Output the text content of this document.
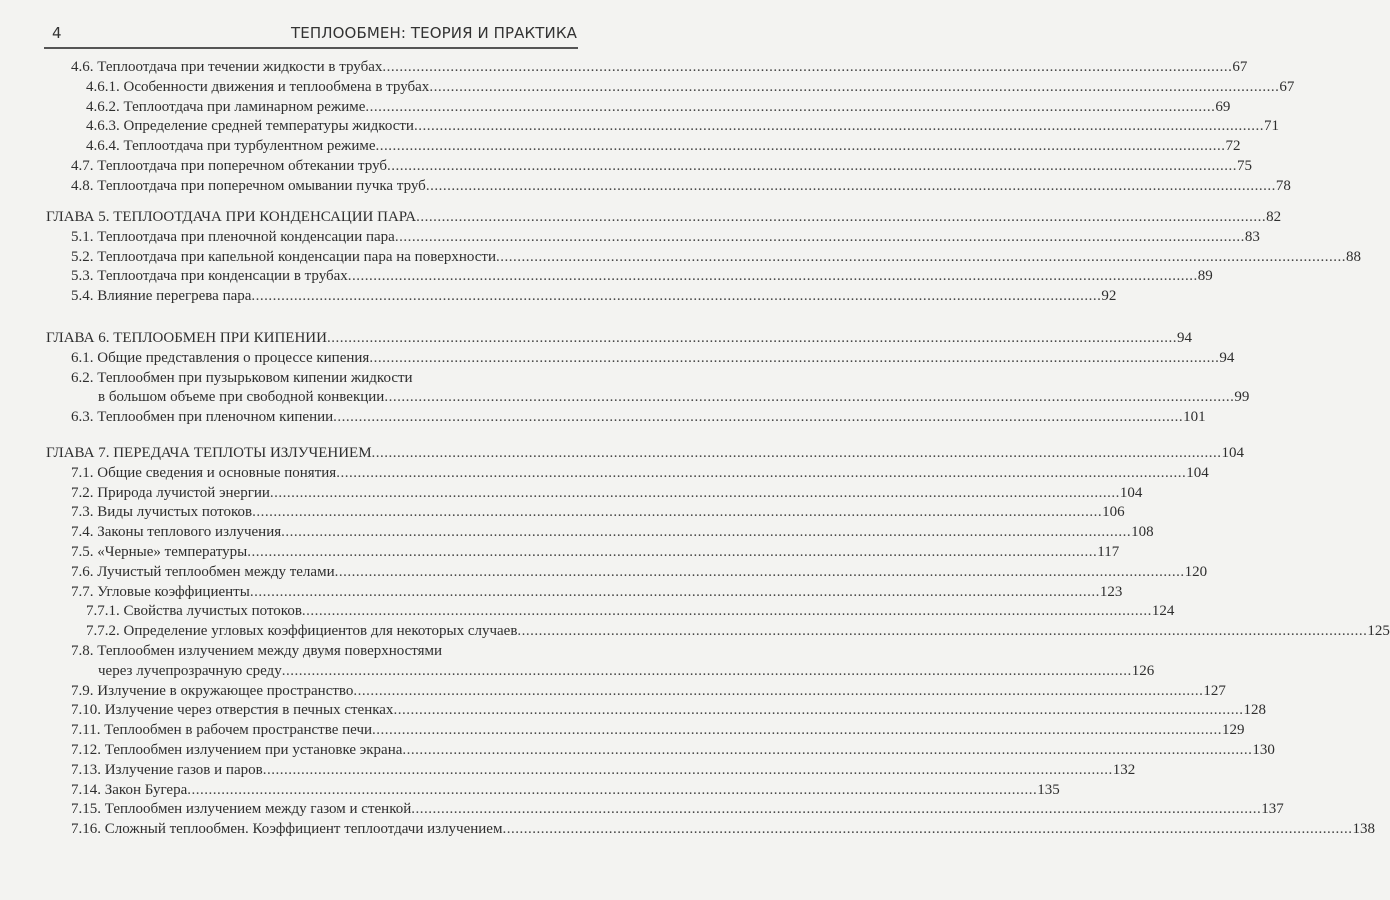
4	ТЕПЛООБМЕН: ТЕОРИЯ И ПРАКТИКА
4.6. Теплоотдача при течении жидкости в трубах ........................................................................................................................................................................................................ 67
4.6.1. Особенности движения и теплообмена в трубах ........................................................................................................................................................................................................ 67
4.6.2. Теплоотдача при ламинарном режиме ........................................................................................................................................................................................................ 69
4.6.3. Определение средней температуры жидкости ........................................................................................................................................................................................................ 71
4.6.4. Теплоотдача при турбулентном режиме ........................................................................................................................................................................................................ 72
4.7. Теплоотдача при поперечном обтекании труб ........................................................................................................................................................................................................ 75
4.8. Теплоотдача при поперечном омывании пучка труб ........................................................................................................................................................................................................ 78
ГЛАВА 5. ТЕПЛООТДАЧА ПРИ КОНДЕНСАЦИИ ПАРА ........................................................................................................................................................................................................ 82
5.1. Теплоотдача при пленочной конденсации пара ........................................................................................................................................................................................................ 83
5.2. Теплоотдача при капельной конденсации пара на поверхности ........................................................................................................................................................................................................ 88
5.3. Теплоотдача при конденсации в трубах ........................................................................................................................................................................................................ 89
5.4. Влияние перегрева пара ........................................................................................................................................................................................................ 92
ГЛАВА 6. ТЕПЛООБМЕН ПРИ КИПЕНИИ ........................................................................................................................................................................................................ 94
6.1. Общие представления о процессе кипения ........................................................................................................................................................................................................ 94
6.2. Теплообмен при пузырьковом кипении жидкости
в большом объеме при свободной конвекции ........................................................................................................................................................................................................ 99
6.3. Теплообмен при пленочном кипении ........................................................................................................................................................................................................ 101
ГЛАВА 7. ПЕРЕДАЧА ТЕПЛОТЫ ИЗЛУЧЕНИЕМ ........................................................................................................................................................................................................ 104
7.1. Общие сведения и основные понятия ........................................................................................................................................................................................................ 104
7.2. Природа лучистой энергии ........................................................................................................................................................................................................ 104
7.3. Виды лучистых потоков ........................................................................................................................................................................................................ 106
7.4. Законы теплового излучения ........................................................................................................................................................................................................ 108
7.5. «Черные» температуры ........................................................................................................................................................................................................ 117
7.6. Лучистый теплообмен между телами ........................................................................................................................................................................................................ 120
7.7. Угловые коэффициенты ........................................................................................................................................................................................................ 123
7.7.1. Свойства лучистых потоков ........................................................................................................................................................................................................ 124
7.7.2. Определение угловых коэффициентов для некоторых случаев ........................................................................................................................................................................................................ 125
7.8. Теплообмен излучением между двумя поверхностями
через лучепрозрачную среду ........................................................................................................................................................................................................ 126
7.9. Излучение в окружающее пространство ........................................................................................................................................................................................................ 127
7.10. Излучение через отверстия в печных стенках ........................................................................................................................................................................................................ 128
7.11. Теплообмен в рабочем пространстве печи ........................................................................................................................................................................................................ 129
7.12. Теплообмен излучением при установке экрана ........................................................................................................................................................................................................ 130
7.13. Излучение газов и паров ........................................................................................................................................................................................................ 132
7.14. Закон Бугера ........................................................................................................................................................................................................ 135
7.15. Теплообмен излучением между газом и стенкой ........................................................................................................................................................................................................ 137
7.16. Сложный теплообмен. Коэффициент теплоотдачи излучением ........................................................................................................................................................................................................ 138
